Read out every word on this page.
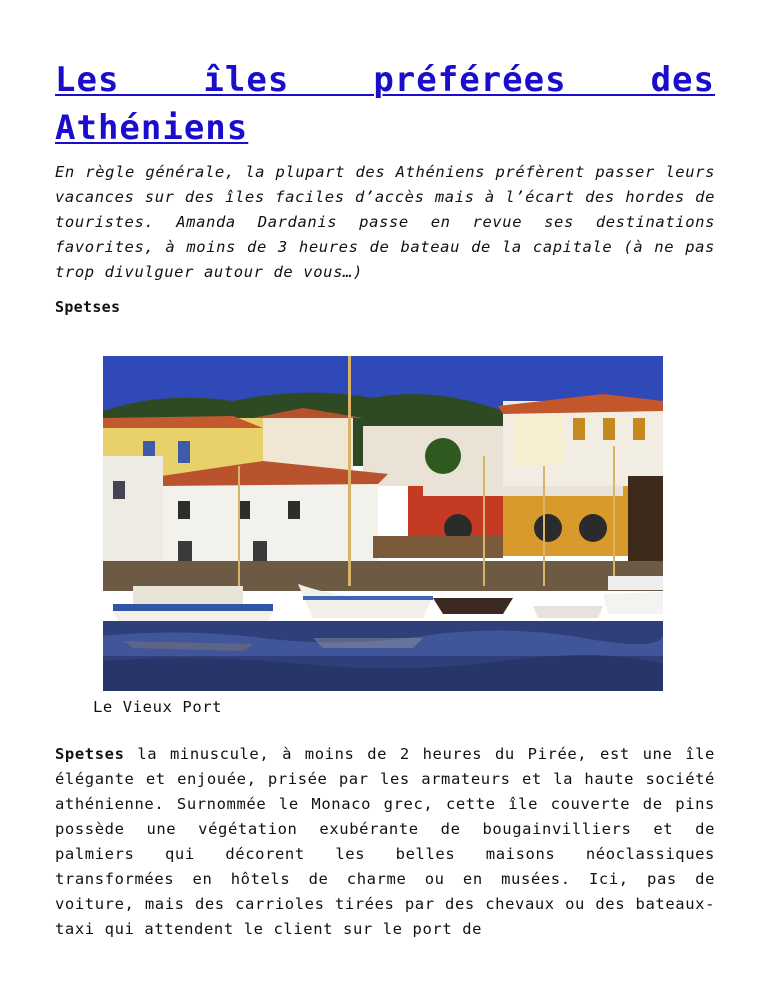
Les îles préférées des
Athéniens

En règle générale, la plupart des Athéniens préfèrent passer leurs vacances sur des îles faciles d’accès mais à l’écart des hordes de touristes. Amanda Dardanis passe en revue ses destinations favorites, à moins de 3 heures de bateau de la capitale (à ne pas trop divulguer autour de vous…)

Spetses

Le Vieux Port

Spetses la minuscule, à moins de 2 heures du Pirée, est une île élégante et enjouée, prisée par les armateurs et la haute société athénienne. Surnommée le Monaco grec, cette île couverte de pins possède une végétation exubérante de bougainvilliers et de palmiers qui décorent les belles maisons néoclassiques transformées en hôtels de charme ou en musées. Ici, pas de voiture, mais des carrioles tirées par des chevaux ou des bateaux-taxi qui attendent le client sur le port de
